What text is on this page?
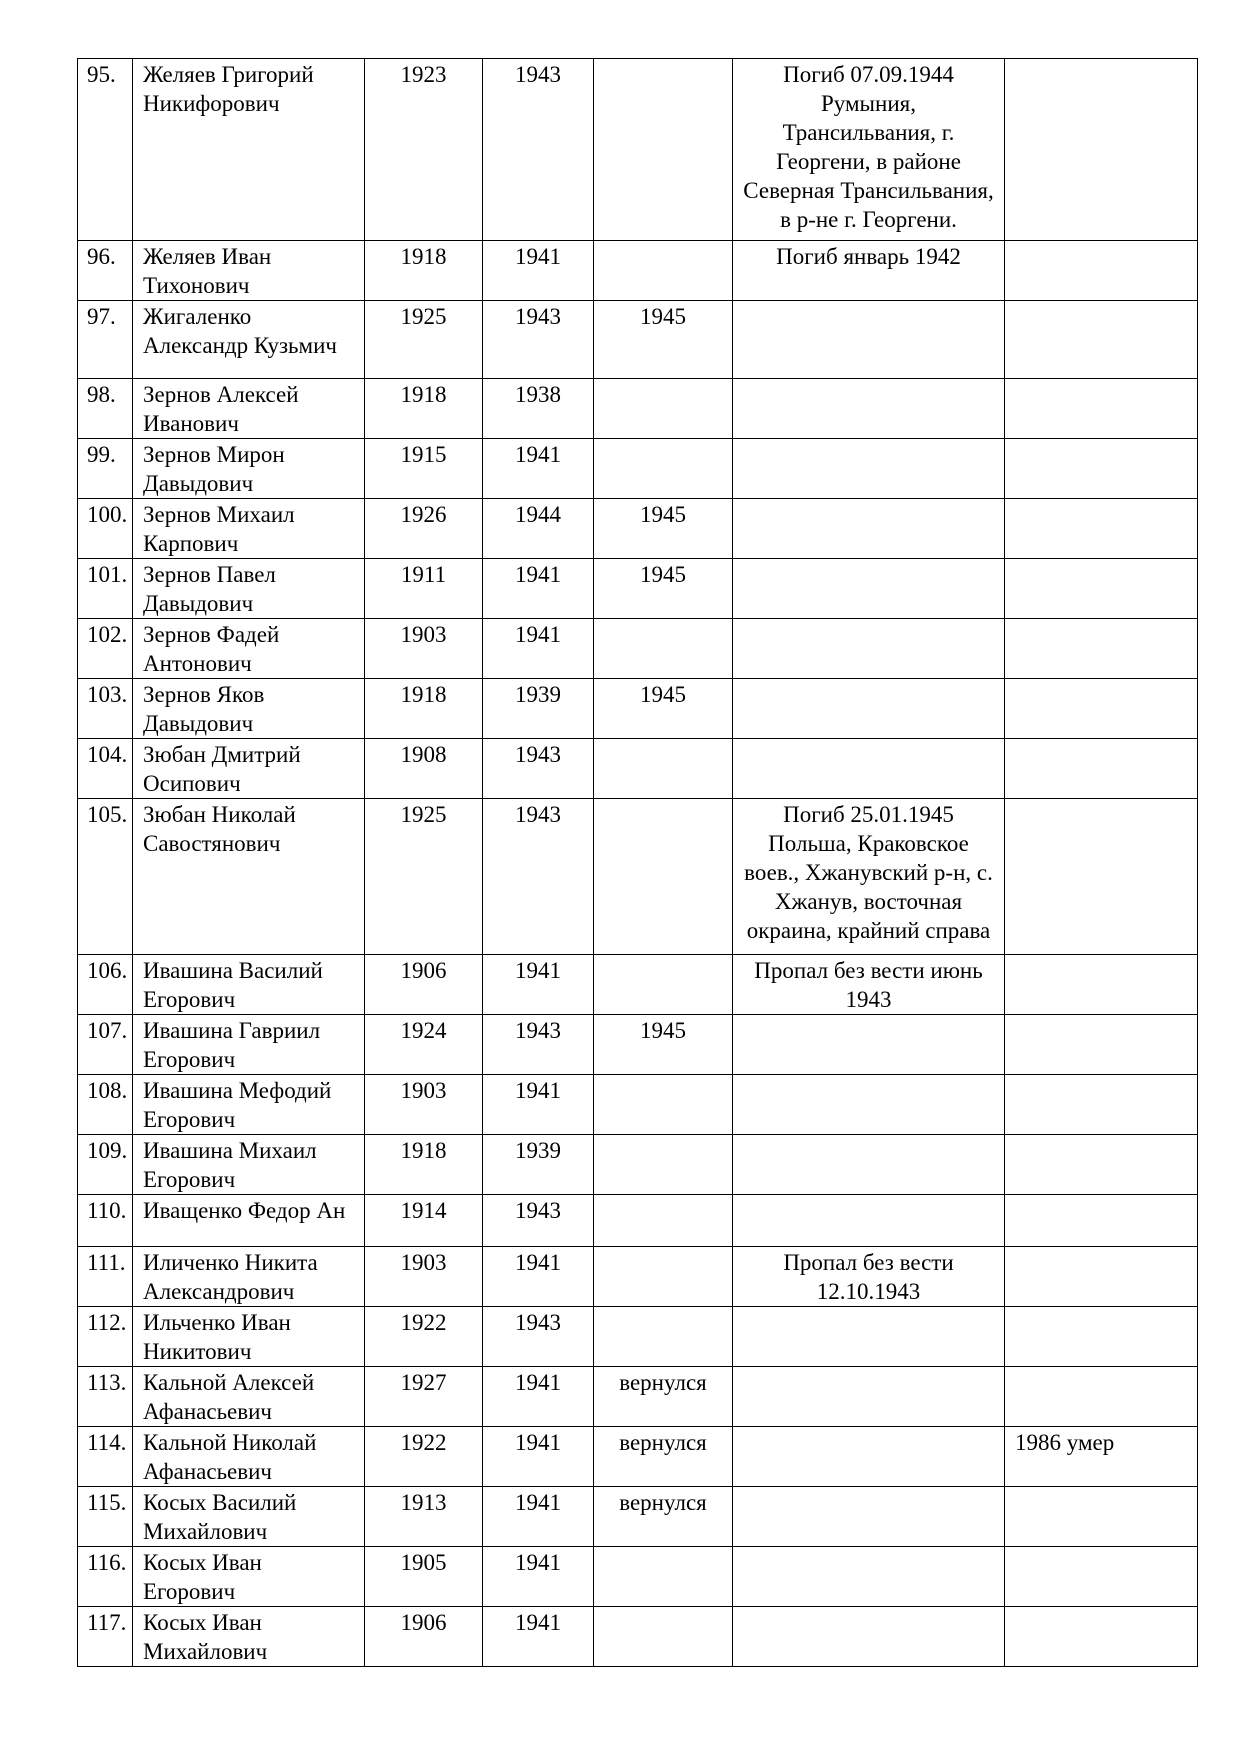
95.	Желяев Григорий Никифорович	1923	1943		Погиб 07.09.1944 Румыния, Трансильвания, г. Георгени, в районе Северная Трансильвания, в р-не г. Георгени.	
96.	Желяев Иван Тихонович	1918	1941		Погиб январь 1942	
97.	Жигаленко Александр Кузьмич	1925	1943	1945		
98.	Зернов Алексей Иванович	1918	1938			
99.	Зернов Мирон Давыдович	1915	1941			
100.	Зернов Михаил Карпович	1926	1944	1945		
101.	Зернов Павел Давыдович	1911	1941	1945		
102.	Зернов Фадей Антонович	1903	1941			
103.	Зернов Яков Давыдович	1918	1939	1945		
104.	Зюбан Дмитрий Осипович	1908	1943			
105.	Зюбан Николай Савостянович	1925	1943		Погиб 25.01.1945 Польша, Краковское воев., Хжанувский р-н, с. Хжанув, восточная окраина, крайний справа	
106.	Ивашина Василий Егорович	1906	1941		Пропал без вести июнь 1943	
107.	Ивашина Гавриил Егорович	1924	1943	1945		
108.	Ивашина Мефодий Егорович	1903	1941			
109.	Ивашина Михаил Егорович	1918	1939			
110.	Иващенко Федор Ан	1914	1943			
111.	Иличенко Никита Александрович	1903	1941		Пропал без вести 12.10.1943	
112.	Ильченко Иван Никитович	1922	1943			
113.	Кальной Алексей Афанасьевич	1927	1941	вернулся		
114.	Кальной Николай Афанасьевич	1922	1941	вернулся		1986 умер
115.	Косых Василий Михайлович	1913	1941	вернулся		
116.	Косых Иван Егорович	1905	1941			
117.	Косых Иван Михайлович	1906	1941			
